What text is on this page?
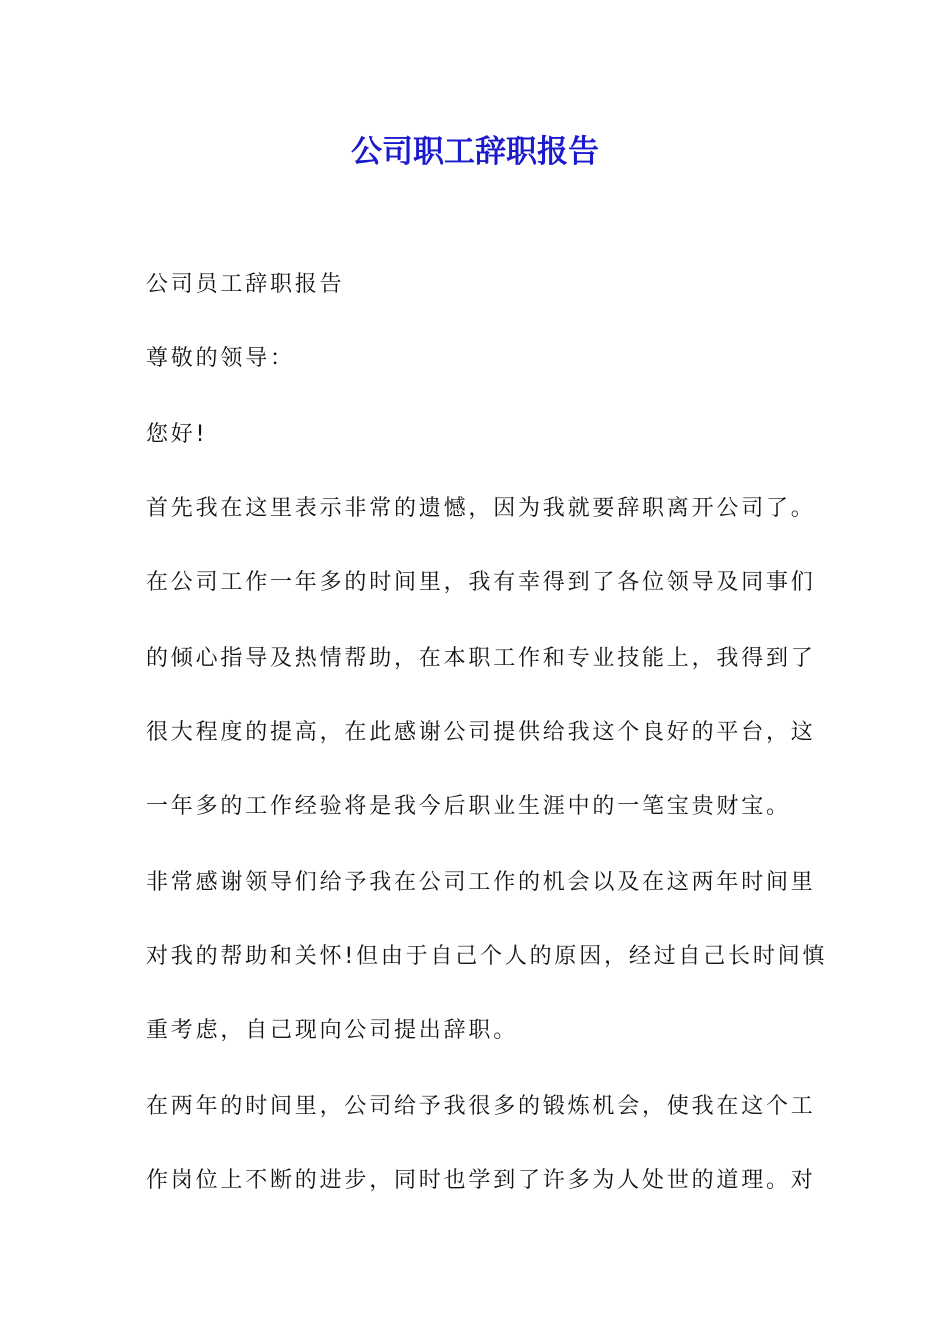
公司职工辞职报告
公司员工辞职报告
尊敬的领导：
您好!
首先我在这里表示非常的遗憾，因为我就要辞职离开公司了。
在公司工作一年多的时间里，我有幸得到了各位领导及同事们
的倾心指导及热情帮助，在本职工作和专业技能上，我得到了
很大程度的提高，在此感谢公司提供给我这个良好的平台，这
一年多的工作经验将是我今后职业生涯中的一笔宝贵财宝。
非常感谢领导们给予我在公司工作的机会以及在这两年时间里
对我的帮助和关怀!但由于自己个人的原因，经过自己长时间慎
重考虑，自己现向公司提出辞职。
在两年的时间里，公司给予我很多的锻炼机会，使我在这个工
作岗位上不断的进步，同时也学到了许多为人处世的道理。对
